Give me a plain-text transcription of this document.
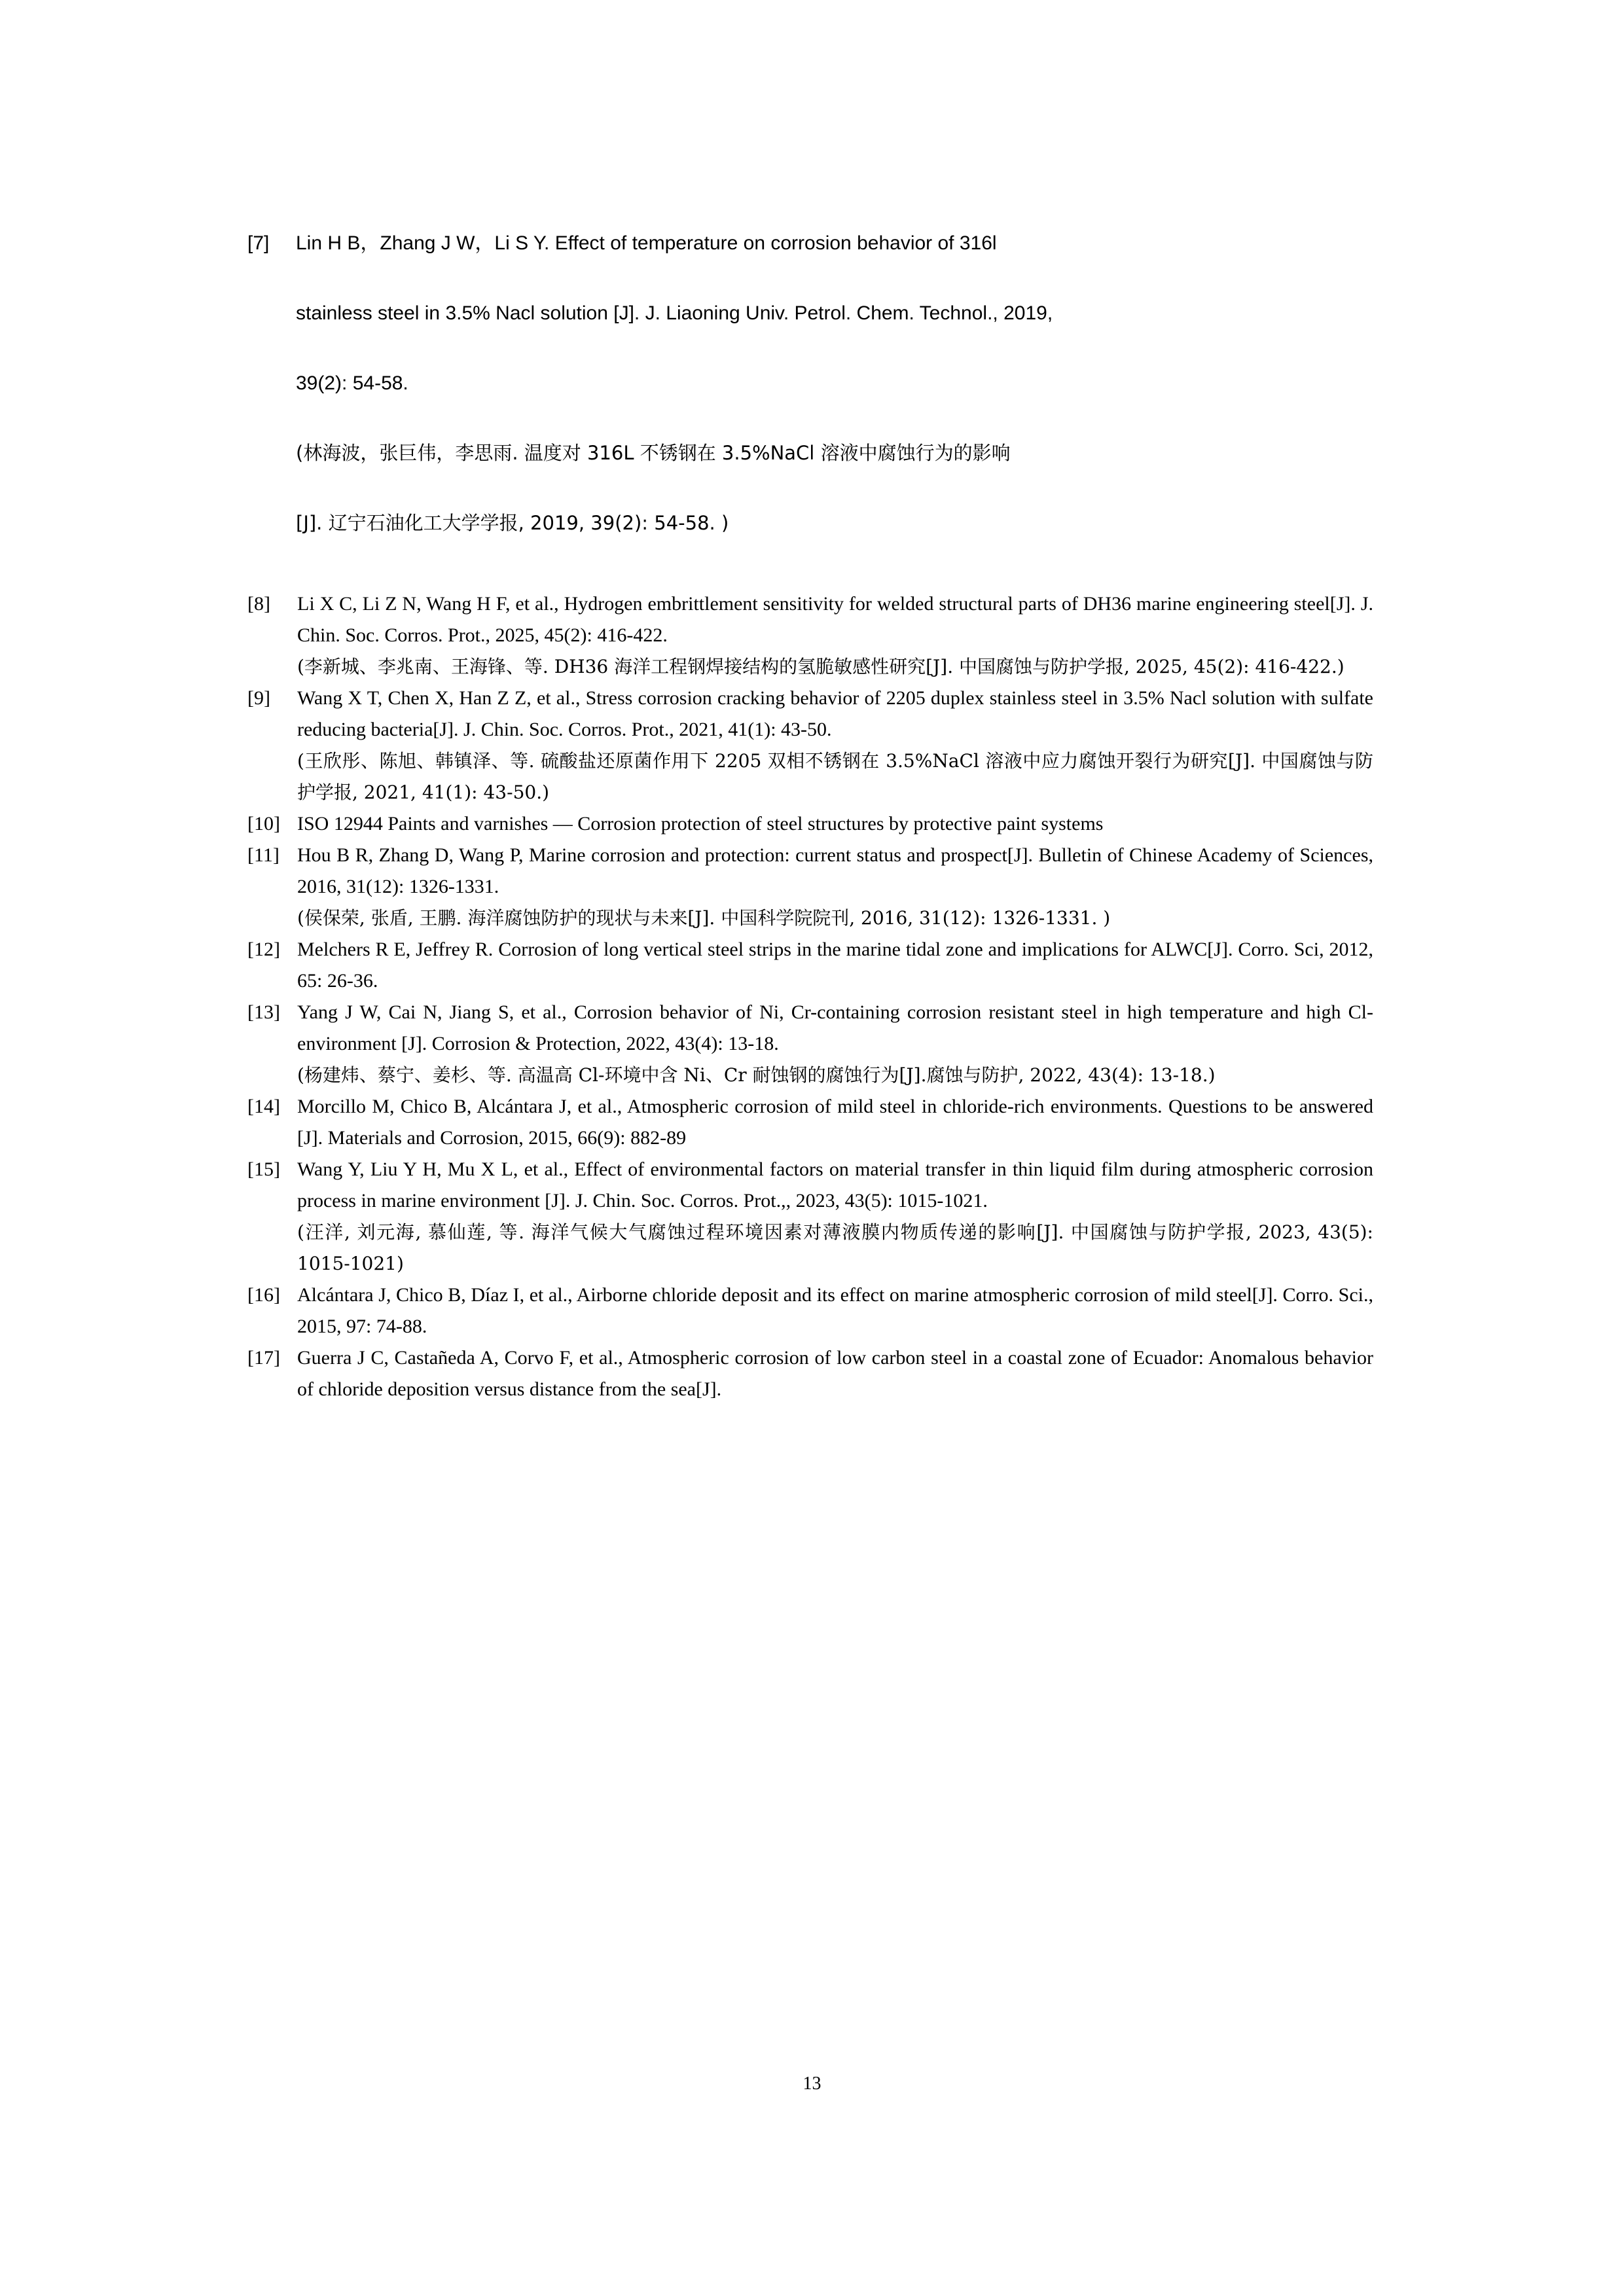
[7]	Lin H B，Zhang J W，Li S Y. Effect of temperature on corrosion behavior of 316l
stainless steel in 3.5% Nacl solution [J]. J. Liaoning Univ. Petrol. Chem. Technol., 2019,
39(2): 54-58.
(林海波，张巨伟，李思雨. 温度对 316L 不锈钢在 3.5%NaCl 溶液中腐蚀行为的影响
[J]. 辽宁石油化工大学学报, 2019, 39(2): 54-58. )
[8]	Li X C, Li Z N, Wang H F, et al., Hydrogen embrittlement sensitivity for welded structural parts of DH36 marine engineering steel[J]. J. Chin. Soc. Corros. Prot., 2025, 45(2): 416-422.
(李新城、李兆南、王海锋、等. DH36 海洋工程钢焊接结构的氢脆敏感性研究[J]. 中国腐蚀与防护学报, 2025, 45(2): 416-422.)
[9]	Wang X T, Chen X, Han Z Z, et al., Stress corrosion cracking behavior of 2205 duplex stainless steel in 3.5% Nacl solution with sulfate reducing bacteria[J]. J. Chin. Soc. Corros. Prot., 2021, 41(1): 43-50.
(王欣彤、陈旭、韩镇泽、等. 硫酸盐还原菌作用下 2205 双相不锈钢在 3.5%NaCl 溶液中应力腐蚀开裂行为研究[J]. 中国腐蚀与防护学报, 2021, 41(1): 43-50.)
[10] ISO 12944 Paints and varnishes — Corrosion protection of steel structures by protective paint systems
[11] Hou B R, Zhang D, Wang P, Marine corrosion and protection: current status and prospect[J]. Bulletin of Chinese Academy of Sciences, 2016, 31(12): 1326-1331.
(侯保荣, 张盾, 王鹏. 海洋腐蚀防护的现状与未来[J]. 中国科学院院刊, 2016, 31(12): 1326-1331. )
[12] Melchers R E, Jeffrey R. Corrosion of long vertical steel strips in the marine tidal zone and implications for ALWC[J]. Corro. Sci, 2012, 65: 26-36.
[13] Yang J W, Cai N, Jiang S, et al., Corrosion behavior of Ni, Cr-containing corrosion resistant steel in high temperature and high Cl- environment [J]. Corrosion & Protection, 2022, 43(4): 13-18.
(杨建炜、蔡宁、姜杉、等. 高温高 Cl-环境中含 Ni、Cr 耐蚀钢的腐蚀行为[J].腐蚀与防护, 2022, 43(4): 13-18.)
[14] Morcillo M, Chico B, Alcántara J, et al., Atmospheric corrosion of mild steel in chloride-rich environments. Questions to be answered [J]. Materials and Corrosion, 2015, 66(9): 882-89
[15] Wang Y, Liu Y H, Mu X L, et al., Effect of environmental factors on material transfer in thin liquid film during atmospheric corrosion process in marine environment [J]. J. Chin. Soc. Corros. Prot.,, 2023, 43(5): 1015-1021.
(汪洋, 刘元海, 慕仙莲, 等. 海洋气候大气腐蚀过程环境因素对薄液膜内物质传递的影响[J]. 中国腐蚀与防护学报, 2023, 43(5): 1015-1021)
[16] Alcántara J, Chico B, Díaz I, et al., Airborne chloride deposit and its effect on marine atmospheric corrosion of mild steel[J]. Corro. Sci., 2015, 97: 74-88.
[17] Guerra J C, Castañeda A, Corvo F, et al., Atmospheric corrosion of low carbon steel in a coastal zone of Ecuador: Anomalous behavior of chloride deposition versus distance from the sea[J].
13
